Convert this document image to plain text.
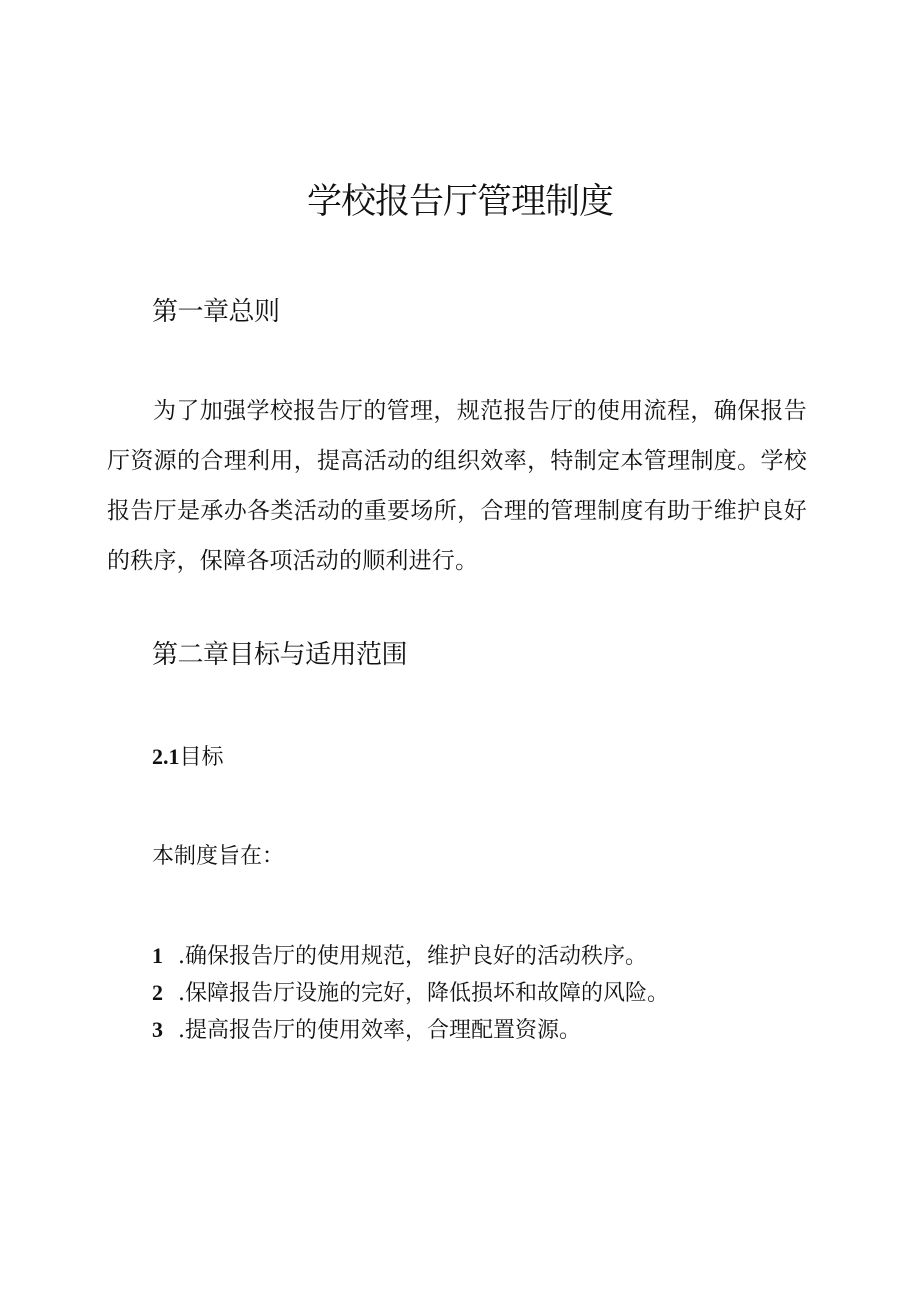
学校报告厅管理制度
第一章总则

为了加强学校报告厅的管理，规范报告厅的使用流程，确保报告厅资源的合理利用，提高活动的组织效率，特制定本管理制度。学校报告厅是承办各类活动的重要场所，合理的管理制度有助于维护良好的秩序，保障各项活动的顺利进行。

第二章目标与适用范围

2.1目标

本制度旨在：

1 .确保报告厅的使用规范，维护良好的活动秩序。
2 .保障报告厅设施的完好，降低损坏和故障的风险。
3 .提高报告厅的使用效率，合理配置资源。
